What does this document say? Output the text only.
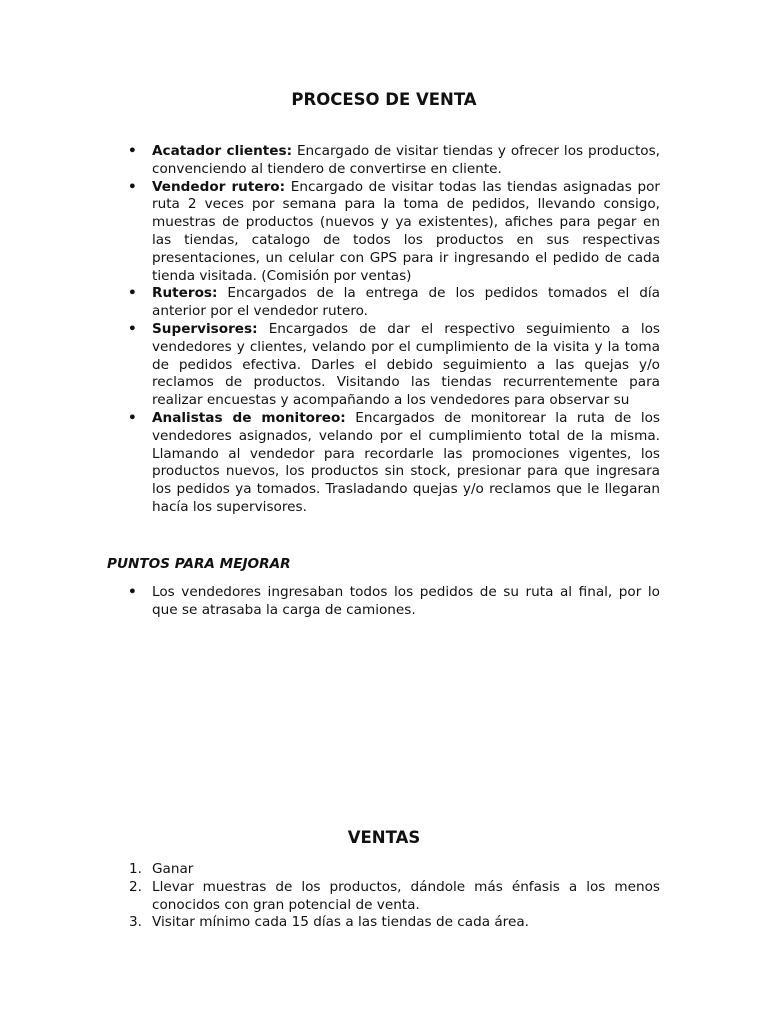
PROCESO DE VENTA
• Acatador clientes: Encargado de visitar tiendas y ofrecer los productos, convenciendo al tiendero de convertirse en cliente.
• Vendedor rutero: Encargado de visitar todas las tiendas asignadas por ruta 2 veces por semana para la toma de pedidos, llevando consigo, muestras de productos (nuevos y ya existentes), afiches para pegar en las tiendas, catalogo de todos los productos en sus respectivas presentaciones, un celular con GPS para ir ingresando el pedido de cada tienda visitada. (Comisión por ventas)
• Ruteros: Encargados de la entrega de los pedidos tomados el día anterior por el vendedor rutero.
• Supervisores: Encargados de dar el respectivo seguimiento a los vendedores y clientes, velando por el cumplimiento de la visita y la toma de pedidos efectiva. Darles el debido seguimiento a las quejas y/o reclamos de productos. Visitando las tiendas recurrentemente para realizar encuestas y acompañando a los vendedores para observar su
• Analistas de monitoreo: Encargados de monitorear la ruta de los vendedores asignados, velando por el cumplimiento total de la misma. Llamando al vendedor para recordarle las promociones vigentes, los productos nuevos, los productos sin stock, presionar para que ingresara los pedidos ya tomados. Trasladando quejas y/o reclamos que le llegaran hacía los supervisores.

PUNTOS PARA MEJORAR

• Los vendedores ingresaban todos los pedidos de su ruta al final, por lo que se atrasaba la carga de camiones.
VENTAS
1. Ganar
2. Llevar muestras de los productos, dándole más énfasis a los menos conocidos con gran potencial de venta.
3. Visitar mínimo cada 15 días a las tiendas de cada área.
